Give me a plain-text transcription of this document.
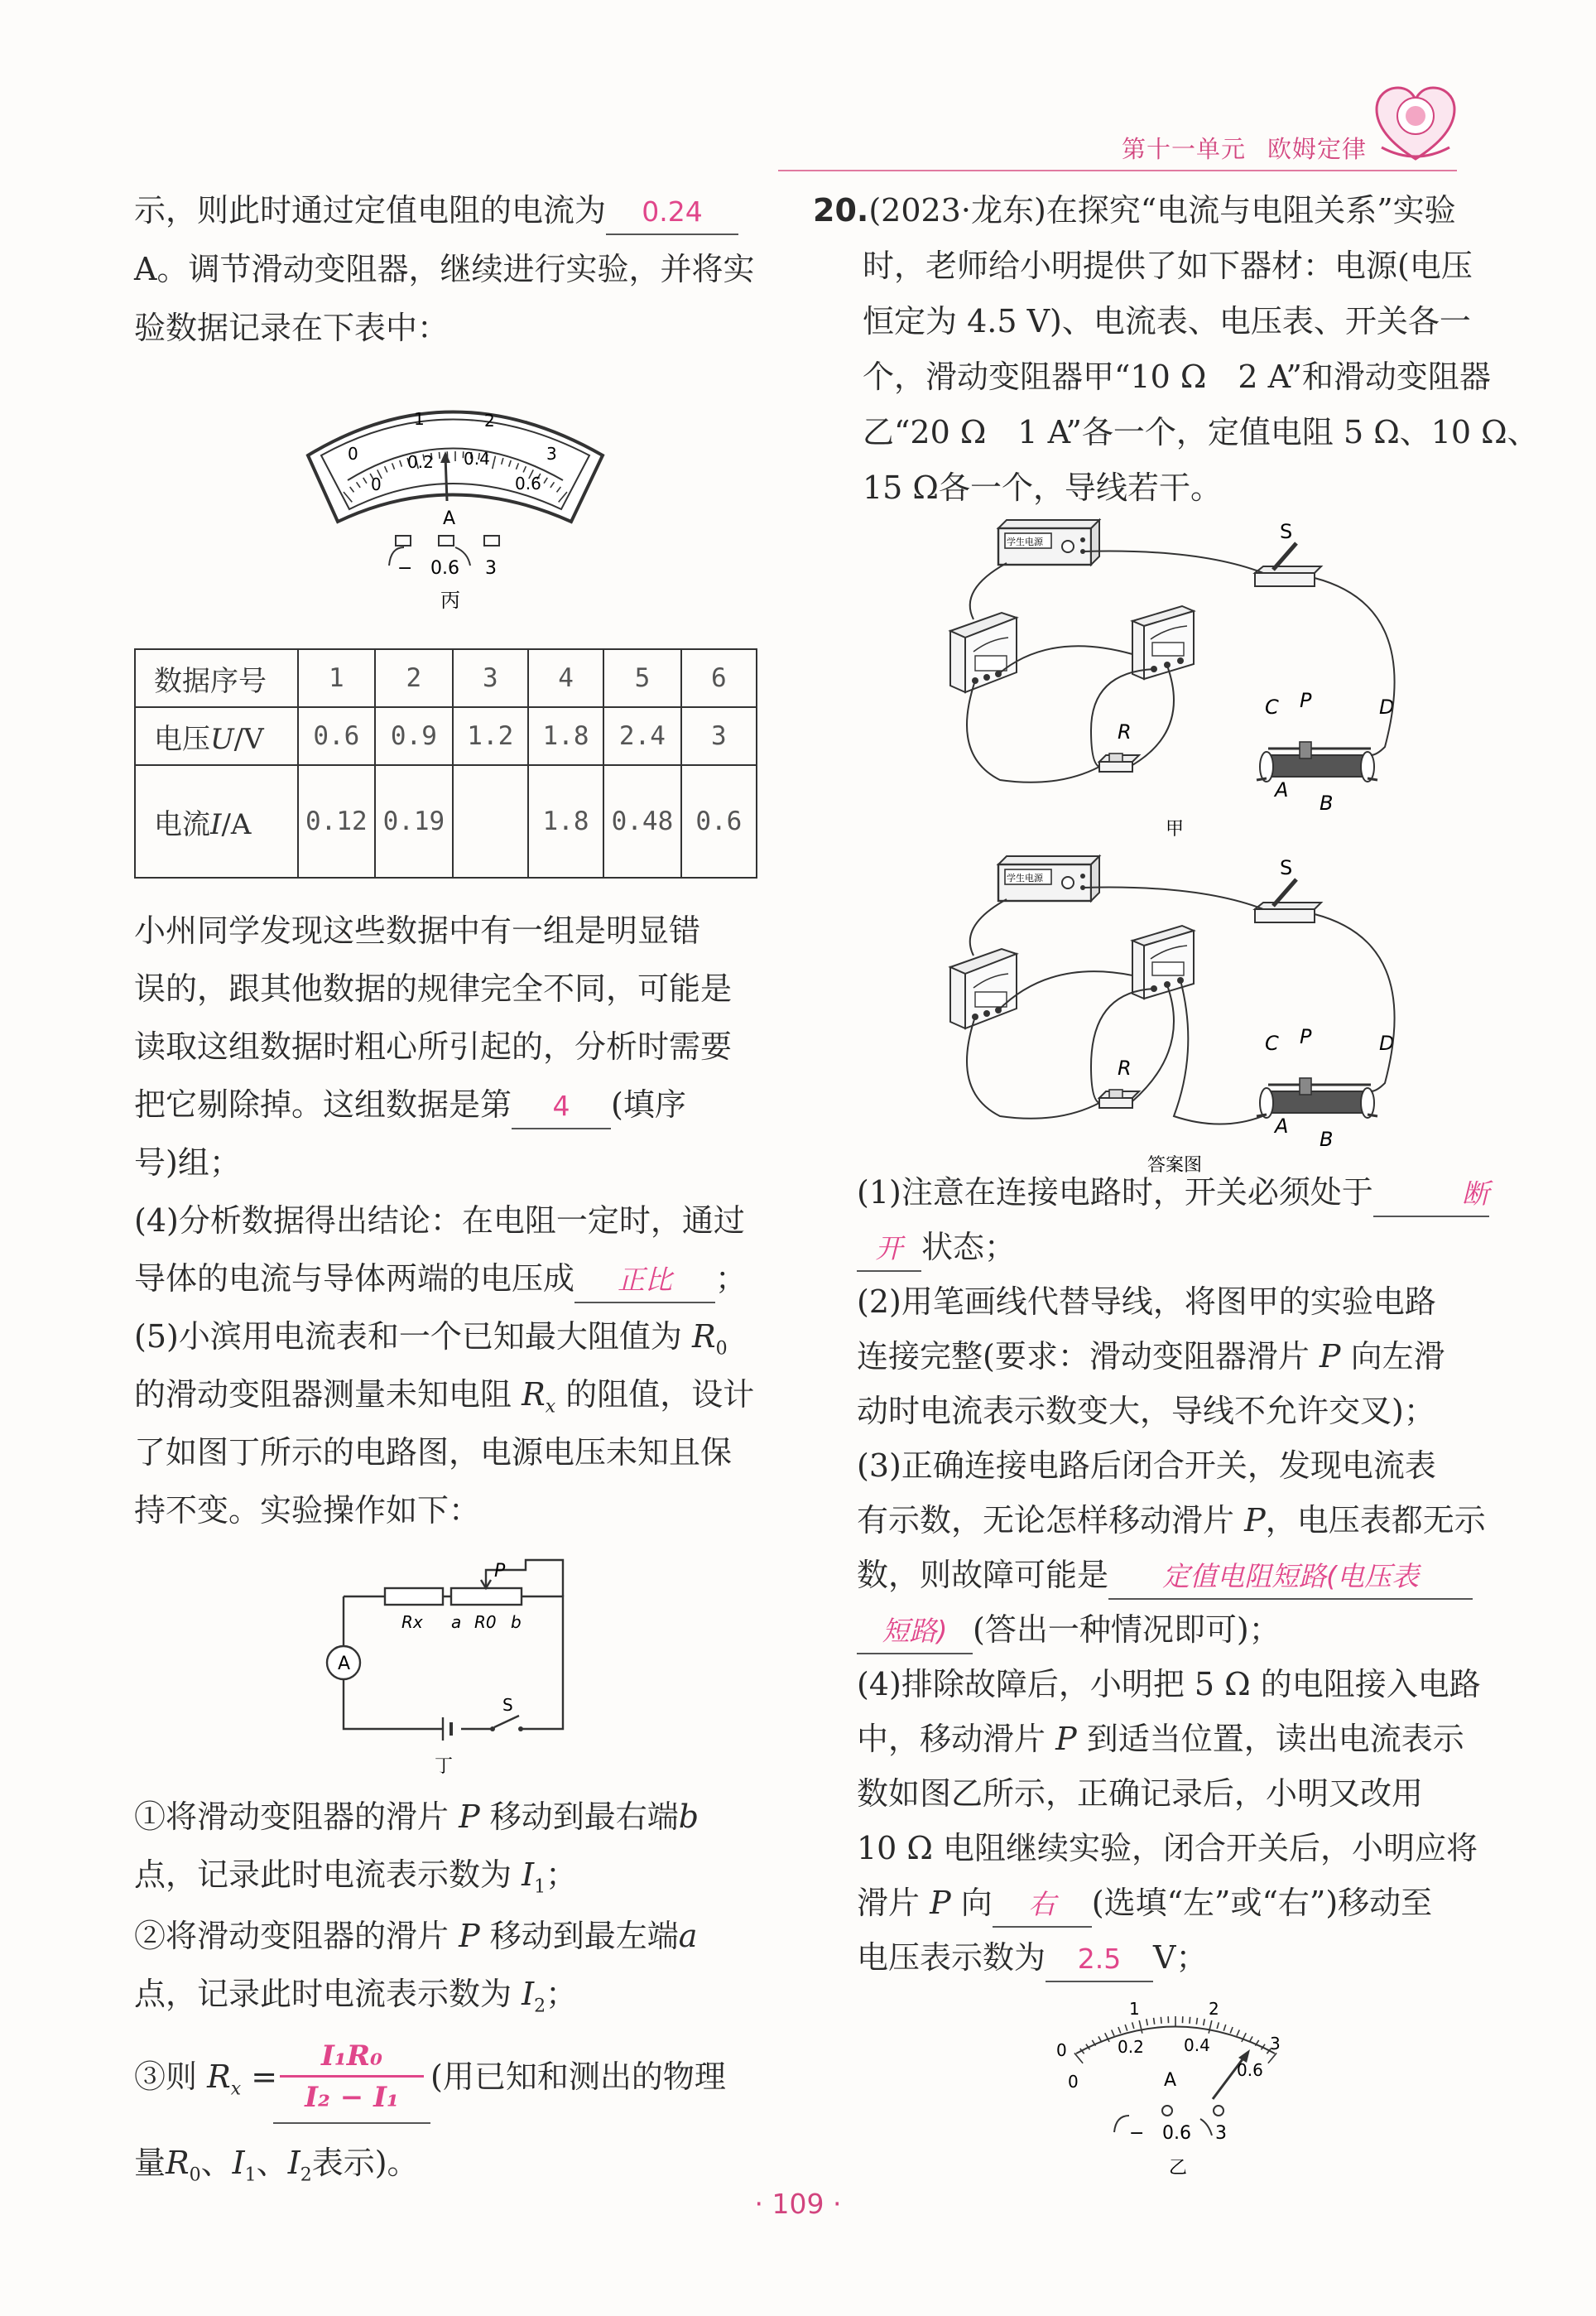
第十一单元 欧姆定律
示，则此时通过定值电阻的电流为 0.24
A。调节滑动变阻器，继续进行实验，并将实
验数据记录在下表中：
0
1	2
3
0
0.2 0.4
0.6
A
− 0.6 3
丙
数据序号	1	2	3	4	5	6
电压U/V	0.6	0.9	1.2	1.8	2.4	3
电流I/A	0.12	0.19		1.8	0.48	0.6
小州同学发现这些数据中有一组是明显错
误的，跟其他数据的规律完全不同，可能是
读取这组数据时粗心所引起的，分析时需要
把它剔除掉。这组数据是第 4 (填序
号)组；
(4)分析数据得出结论：在电阻一定时，通过
导体的电流与导体两端的电压成 正比 ；
(5)小滨用电流表和一个已知最大阻值为 $R_0$
的滑动变阻器测量未知电阻 $R_x$ 的阻值，设计
了如图丁所示的电路图，电源电压未知且保
持不变。实验操作如下：
P
Rx a R0 b
A
S
丁
①将滑动变阻器的滑片 P 移动到最右端b
点，记录此时电流表示数为 $I_1$；
②将滑动变阻器的滑片 P 移动到最左端a
点，记录此时电流表示数为 $I_2$；
③则 $R_x$ =
I₁R₀
I₂ − I₁
(用已知和测出的物理
量$R_0$、$I_1$、$I_2$表示)。
20.(2023·龙东)在探究“电流与电阻关系”实验
时，老师给小明提供了如下器材：电源(电压
恒定为 4.5 V)、电流表、电压表、开关各一
个，滑动变阻器甲“10 Ω　2 A”和滑动变阻器
乙“20 Ω　1 A”各一个，定值电阻 5 Ω、10 Ω、
15 Ω各一个，导线若干。
学生电源	S
R
C P	D
A
B
甲
学生电源	S
R
C P	D
A
B
答案图
(1)注意在连接电路时，开关必须处于	断
开 状态；
(2)用笔画线代替导线，将图甲的实验电路
连接完整(要求：滑动变阻器滑片 P 向左滑
动时电流表示数变大，导线不允许交叉)；
(3)正确连接电路后闭合开关，发现电流表
有示数，无论怎样移动滑片 P，电压表都无示
数，则故障可能是 定值电阻短路(电压表
短路) (答出一种情况即可)；
(4)排除故障后，小明把 5 Ω 的电阻接入电路
中，移动滑片 P 到适当位置，读出电流表示
数如图乙所示，正确记录后，小明又改用
10 Ω 电阻继续实验，闭合开关后，小明应将
滑片 P 向 右 (选填“左”或“右”)移动至
电压表示数为 2.5 V；
0
1	2
3
0
0.2 0.4
0.6
A
− 0.6 3
乙
· 109 ·
